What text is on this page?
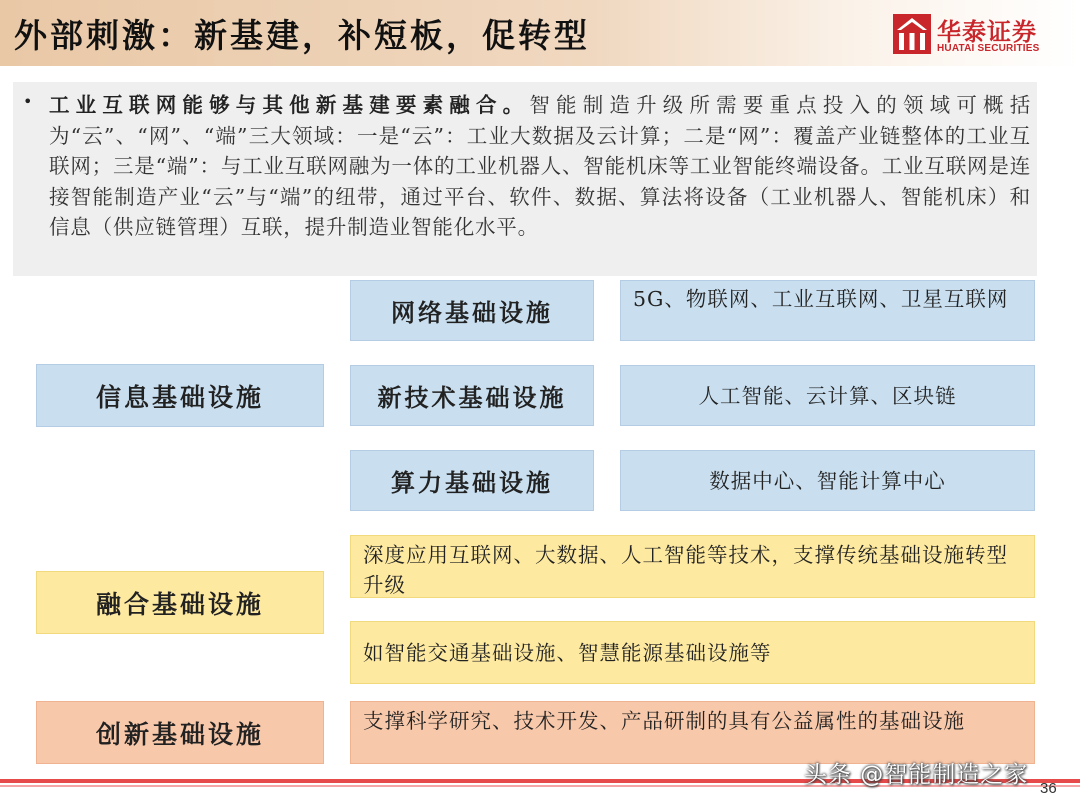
外部刺激：新基建，补短板，促转型	华泰证券
HUATAI SECURITIES
• 工业互联网能够与其他新基建要素融合。智能制造升级所需要重点投入的领域可概括为“云”、“网”、“端”三大领域：一是“云”：工业大数据及云计算；二是“网”：覆盖产业链整体的工业互联网；三是“端”：与工业互联网融为一体的工业机器人、智能机床等工业智能终端设备。工业互联网是连接智能制造产业“云”与“端”的纽带，通过平台、软件、数据、算法将设备（工业机器人、智能机床）和信息（供应链管理）互联，提升制造业智能化水平。
信息基础设施
融合基础设施
创新基础设施
网络基础设施
新技术基础设施
算力基础设施
5G、物联网、工业互联网、卫星互联网
人工智能、云计算、区块链
数据中心、智能计算中心
深度应用互联网、大数据、人工智能等技术，支撑传统基础设施转型升级
如智能交通基础设施、智慧能源基础设施等
支撑科学研究、技术开发、产品研制的具有公益属性的基础设施
头条 @智能制造之家
36
